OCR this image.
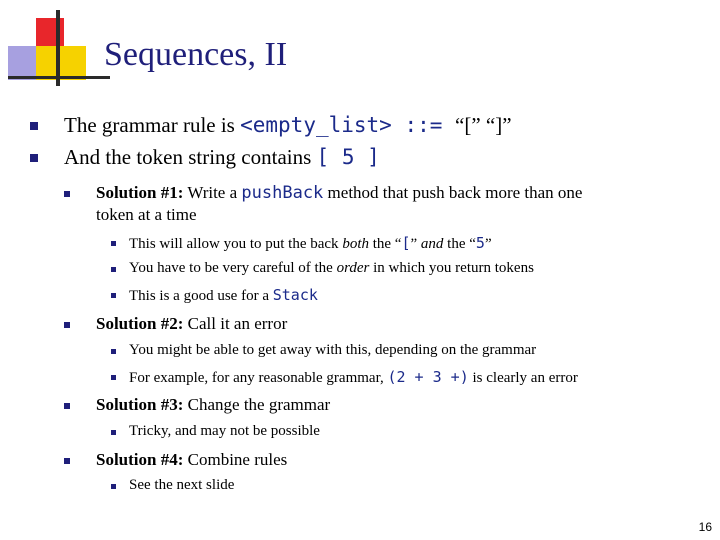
Sequences, II
The grammar rule is <empty_list> ::= “[” “]”
And the token string contains [ 5 ]
Solution #1: Write a pushBack method that push back more than one
token at a time
This will allow you to put the back both the “[” and the “5”
You have to be very careful of the order in which you return tokens
This is a good use for a Stack
Solution #2: Call it an error
You might be able to get away with this, depending on the grammar
For example, for any reasonable grammar, (2 + 3 +) is clearly an error
Solution #3: Change the grammar
Tricky, and may not be possible
Solution #4: Combine rules
See the next slide
16
